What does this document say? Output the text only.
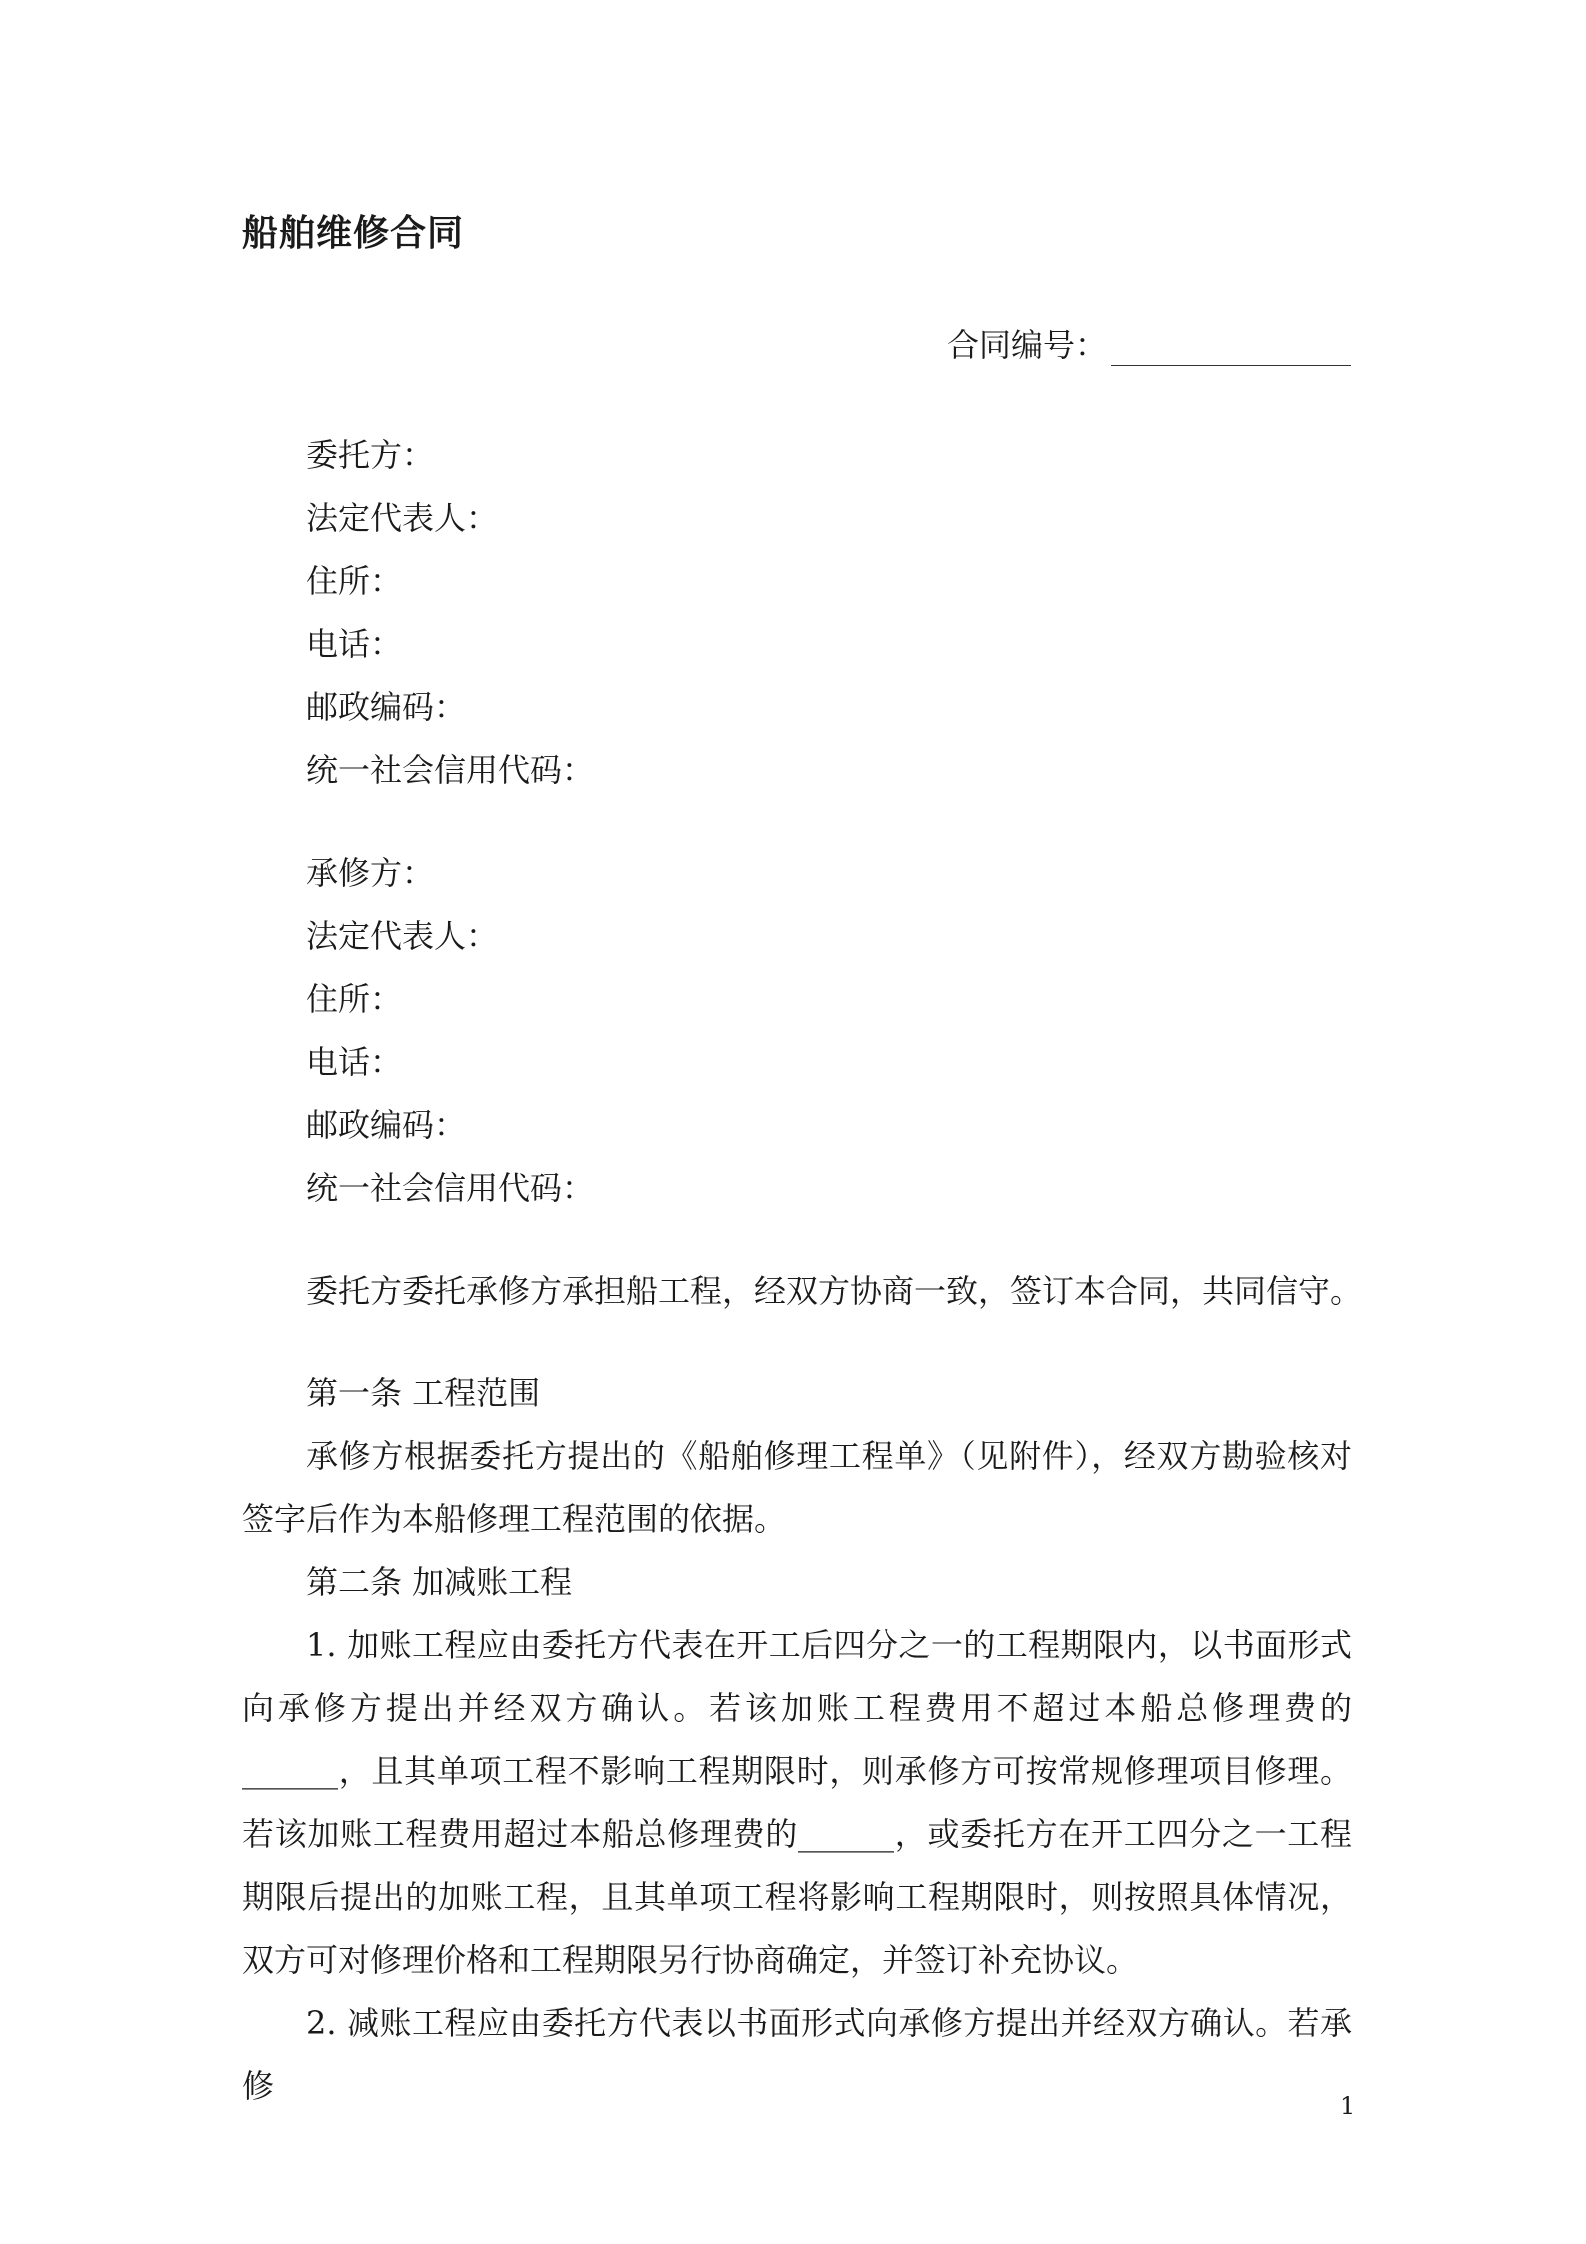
船舶维修合同
合同编号：
委托方：
法定代表人：
住所：
电话：
邮政编码：
统一社会信用代码：
承修方：
法定代表人：
住所：
电话：
邮政编码：
统一社会信用代码：
委托方委托承修方承担船工程，经双方协商一致，签订本合同，共同信守。
第一条 工程范围
承修方根据委托方提出的《船舶修理工程单》（见附件），经双方勘验核对签字后作为本船修理工程范围的依据。
第二条 加减账工程
1. 加账工程应由委托方代表在开工后四分之一的工程期限内，以书面形式向承修方提出并经双方确认。若该加账工程费用不超过本船总修理费的______，且其单项工程不影响工程期限时，则承修方可按常规修理项目修理。若该加账工程费用超过本船总修理费的______，或委托方在开工四分之一工程期限后提出的加账工程，且其单项工程将影响工程期限时，则按照具体情况，双方可对修理价格和工程期限另行协商确定，并签订补充协议。
2. 减账工程应由委托方代表以书面形式向承修方提出并经双方确认。若承修
1
